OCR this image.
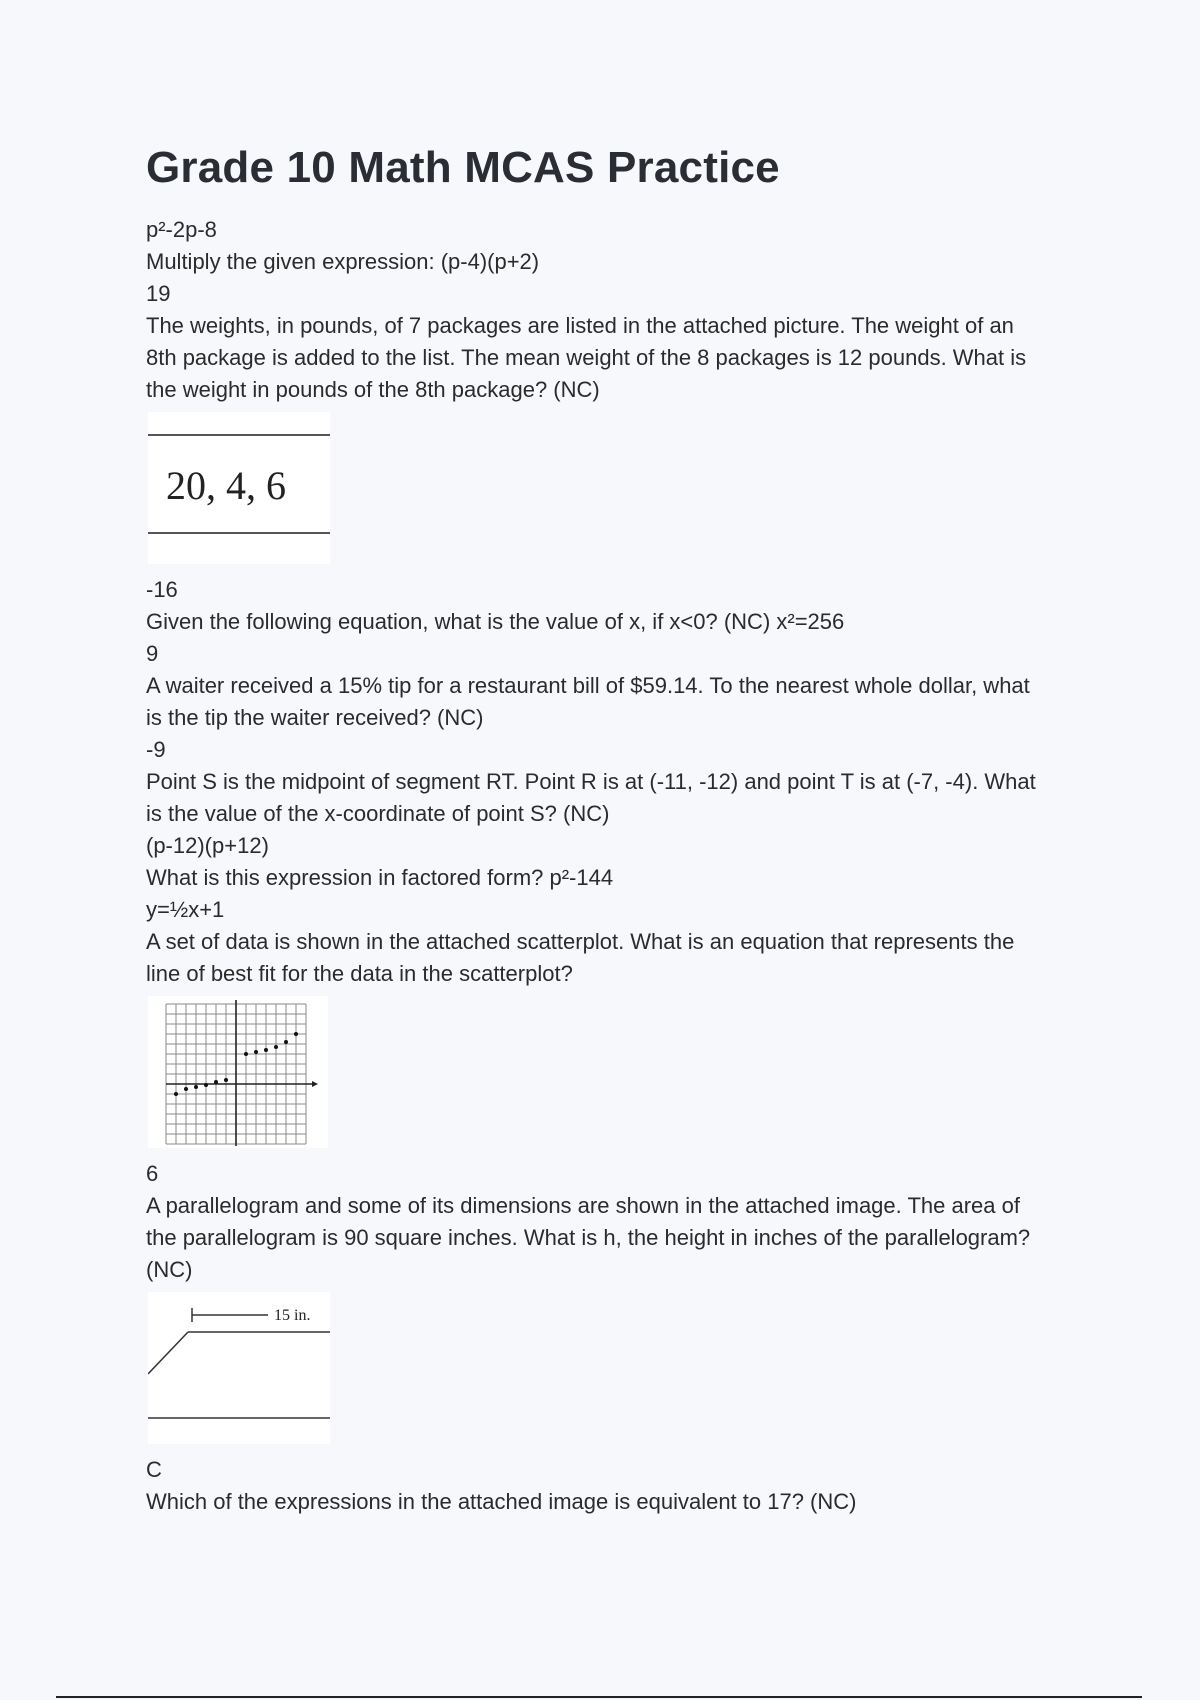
Grade 10 Math MCAS Practice

p²-2p-8

Multiply the given expression: (p-4)(p+2)

19

The weights, in pounds, of 7 packages are listed in the attached picture. The weight of an 8th package is added to the list. The mean weight of the 8 packages is 12 pounds. What is the weight in pounds of the 8th package? (NC)

20, 4, 6

-16

Given the following equation, what is the value of x, if x<0? (NC) x²=256

9

A waiter received a 15% tip for a restaurant bill of $59.14. To the nearest whole dollar, what is the tip the waiter received? (NC)

-9

Point S is the midpoint of segment RT. Point R is at (-11, -12) and point T is at (-7, -4). What is the value of the x-coordinate of point S? (NC)

(p-12)(p+12)

What is this expression in factored form? p²-144

y=½x+1

A set of data is shown in the attached scatterplot. What is an equation that represents the line of best fit for the data in the scatterplot?

6

A parallelogram and some of its dimensions are shown in the attached image. The area of the parallelogram is 90 square inches. What is h, the height in inches of the parallelogram? (NC)

15 in.

C

Which of the expressions in the attached image is equivalent to 17? (NC)
